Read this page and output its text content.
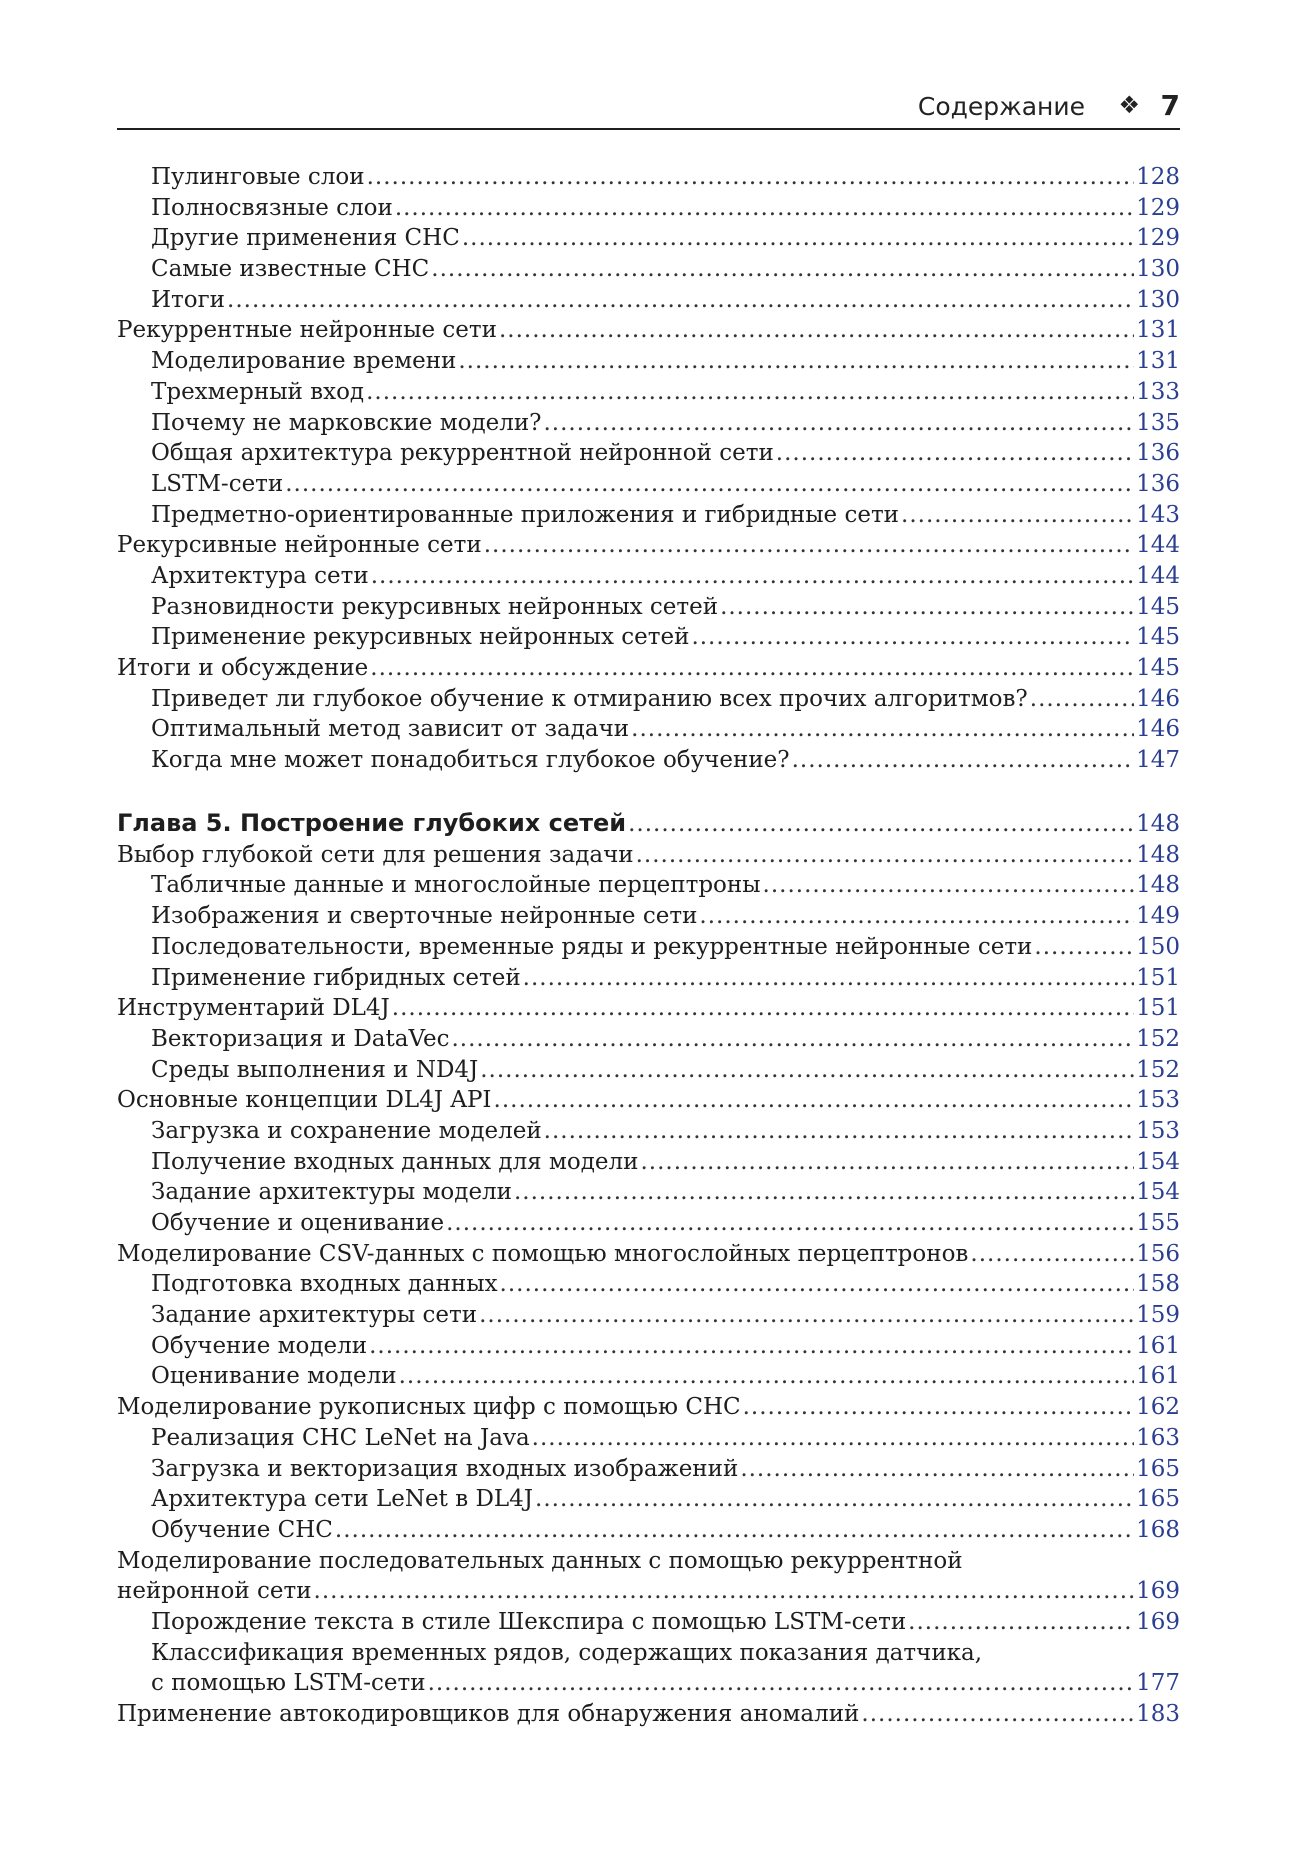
Содержание ❖ 7
Пулинговые слои .....	128
Полносвязные слои .....	129
Другие применения СНС .....	129
Самые известные СНС .....	130
Итоги .....	130
Рекуррентные нейронные сети .....	131
Моделирование времени .....	131
Трехмерный вход .....	133
Почему не марковские модели? .....	135
Общая архитектура рекуррентной нейронной сети .....	136
LSTM-сети .....	136
Предметно-ориентированные приложения и гибридные сети .....	143
Рекурсивные нейронные сети .....	144
Архитектура сети .....	144
Разновидности рекурсивных нейронных сетей .....	145
Применение рекурсивных нейронных сетей .....	145
Итоги и обсуждение .....	145
Приведет ли глубокое обучение к отмиранию всех прочих алгоритмов? .....	146
Оптимальный метод зависит от задачи .....	146
Когда мне может понадобиться глубокое обучение? .....	147
Глава 5. Построение глубоких сетей .....	148
Выбор глубокой сети для решения задачи .....	148
Табличные данные и многослойные перцептроны .....	148
Изображения и сверточные нейронные сети .....	149
Последовательности, временные ряды и рекуррентные нейронные сети .....	150
Применение гибридных сетей .....	151
Инструментарий DL4J .....	151
Векторизация и DataVec .....	152
Среды выполнения и ND4J .....	152
Основные концепции DL4J API .....	153
Загрузка и сохранение моделей .....	153
Получение входных данных для модели .....	154
Задание архитектуры модели .....	154
Обучение и оценивание .....	155
Моделирование CSV-данных с помощью многослойных перцептронов .....	156
Подготовка входных данных .....	158
Задание архитектуры сети .....	159
Обучение модели .....	161
Оценивание модели .....	161
Моделирование рукописных цифр с помощью СНС .....	162
Реализация СНС LeNet на Java .....	163
Загрузка и векторизация входных изображений .....	165
Архитектура сети LeNet в DL4J .....	165
Обучение СНС .....	168
Моделирование последовательных данных с помощью рекуррентной
нейронной сети .....	169
Порождение текста в стиле Шекспира с помощью LSTM-сети .....	169
Классификация временных рядов, содержащих показания датчика,
с помощью LSTM-сети .....	177
Применение автокодировщиков для обнаружения аномалий .....	183
